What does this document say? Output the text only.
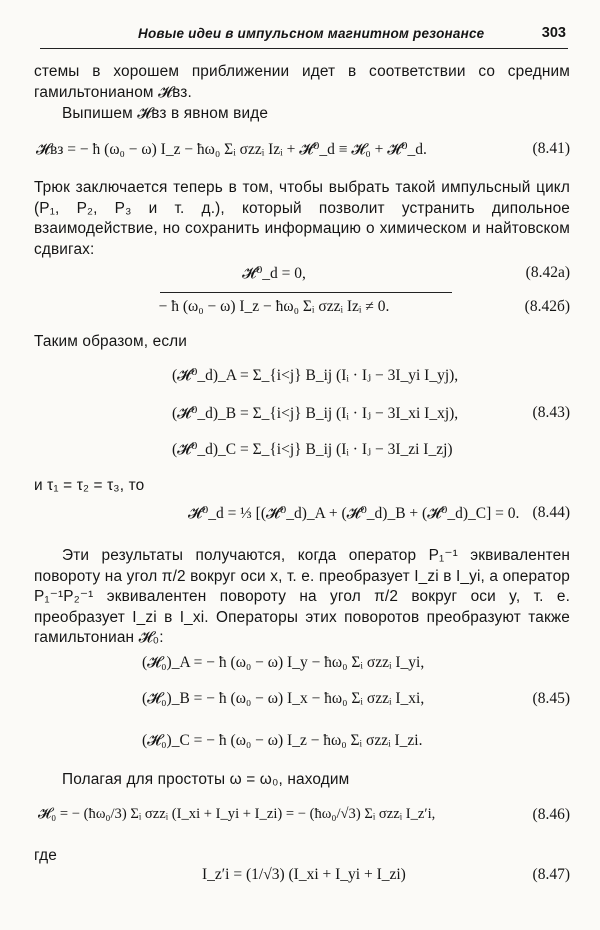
Новые идеи в импульсном магнитном резонансе	303
стемы в хорошем приближении идет в соответствии со средним гамильтонианом 𝓗вз.
Выпишем 𝓗вз в явном виде
𝓗вз = − ħ (ω₀ − ω) I_z − ħω₀ Σᵢ σzzᵢ Izᵢ + 𝓗⁰_d ≡ 𝓗₀ + 𝓗⁰_d.	(8.41)
Трюк заключается теперь в том, чтобы выбрать такой импульсный цикл (P₁, P₂, P₃ и т. д.), который позволит устранить дипольное взаимодействие, но сохранить информацию о химическом и найтовском сдвигах:
𝓗⁰_d = 0,	(8.42a)
− ħ (ω₀ − ω) I_z − ħω₀ Σᵢ σzzᵢ Izᵢ ≠ 0.	(8.42б)
Таким образом, если
(𝓗⁰_d)_A = Σ_{i<j} B_ij (Iᵢ · Iⱼ − 3I_yi I_yj),
(𝓗⁰_d)_B = Σ_{i<j} B_ij (Iᵢ · Iⱼ − 3I_xi I_xj),	(8.43)
(𝓗⁰_d)_C = Σ_{i<j} B_ij (Iᵢ · Iⱼ − 3I_zi I_zj)
и τ₁ = τ₂ = τ₃, то
𝓗⁰_d = ⅓ [(𝓗⁰_d)_A + (𝓗⁰_d)_B + (𝓗⁰_d)_C] = 0. (8.44)
Эти результаты получаются, когда оператор P₁⁻¹ эквивалентен повороту на угол π/2 вокруг оси x, т. е. преобразует I_zi в I_yi, а оператор P₁⁻¹P₂⁻¹ эквивалентен повороту на угол π/2 вокруг оси y, т. е. преобразует I_zi в I_xi. Операторы этих поворотов преобразуют также гамильтониан 𝓗₀:
(𝓗₀)_A = − ħ (ω₀ − ω) I_y − ħω₀ Σᵢ σzzᵢ I_yi,
(𝓗₀)_B = − ħ (ω₀ − ω) I_x − ħω₀ Σᵢ σzzᵢ I_xi,	(8.45)
(𝓗₀)_C = − ħ (ω₀ − ω) I_z − ħω₀ Σᵢ σzzᵢ I_zi.
Полагая для простоты ω = ω₀, находим
𝓗₀ = − (ħω₀/3) Σᵢ σzzᵢ (I_xi + I_yi + I_zi) = − (ħω₀/√3) Σᵢ σzzᵢ I_z′i,	(8.46)
где
I_z′i = (1/√3) (I_xi + I_yi + I_zi)	(8.47)
